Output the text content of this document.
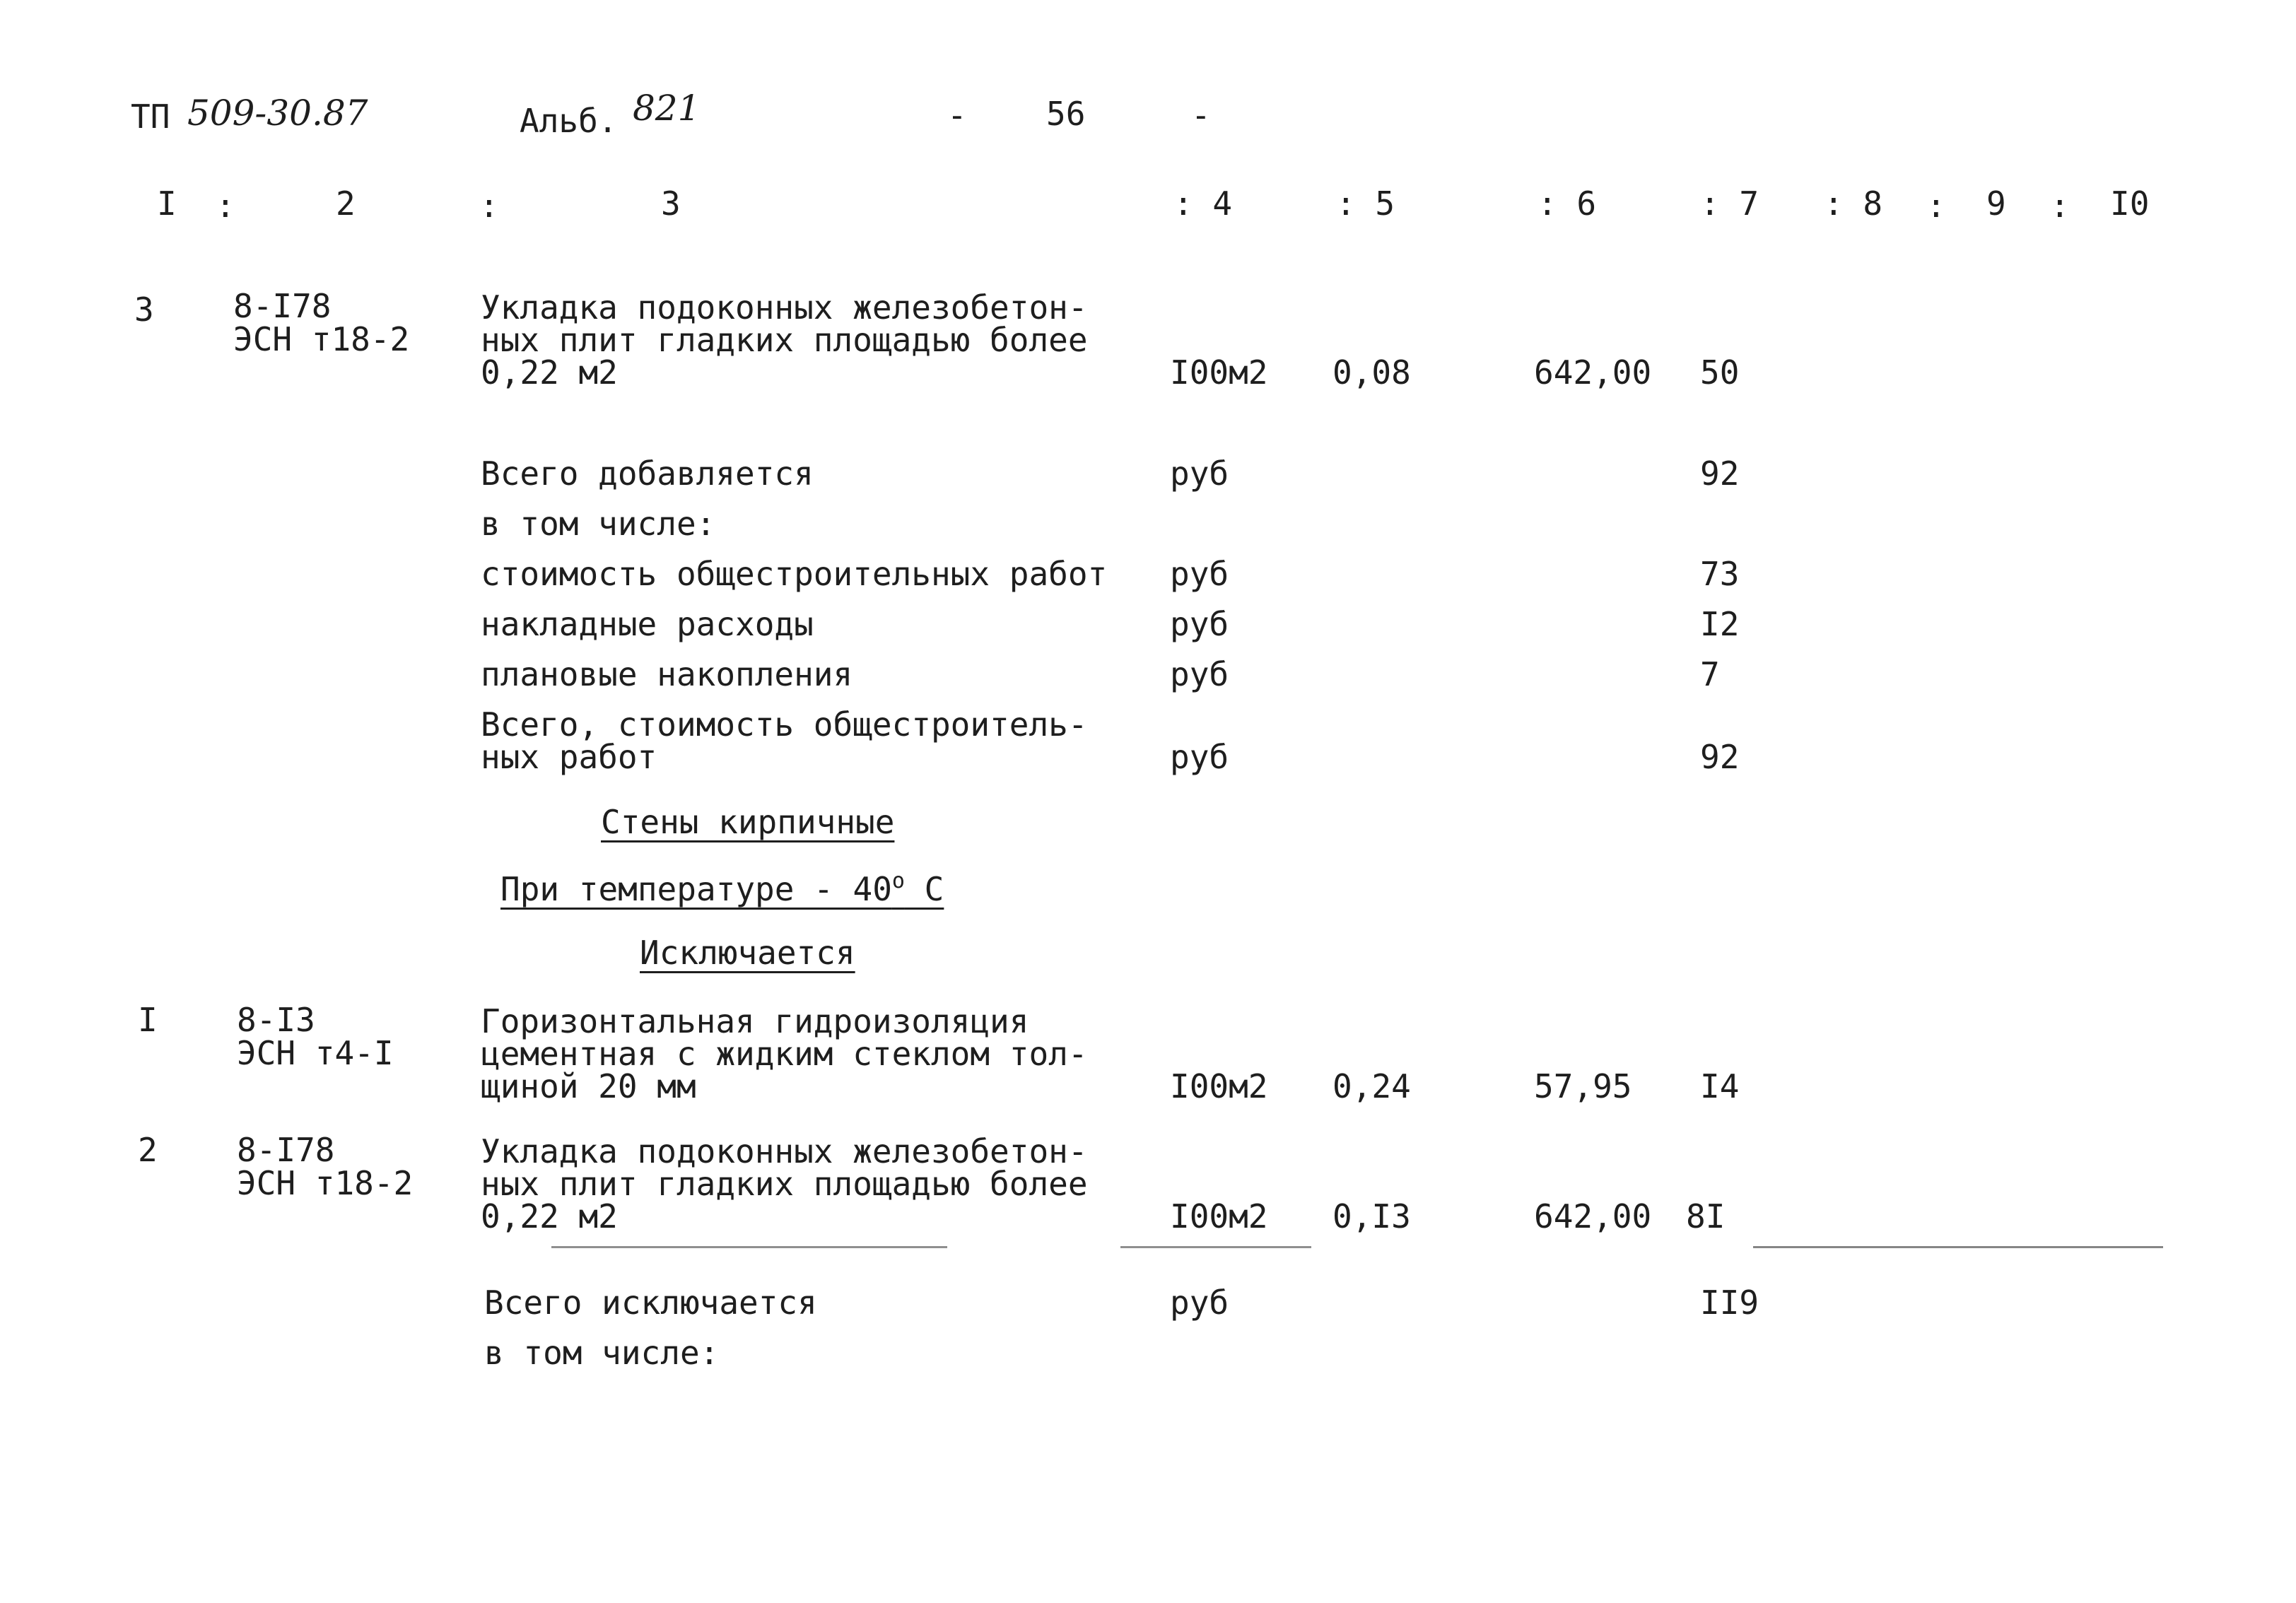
ТП 509-30.87	Альб. 821	- 56	-
I :	2	:	3	: 4	: 5	: 6	: 7 : 8 : 9 : I0
3 8-I78
ЭСН т18-2
Укладка подоконных железобетон-
ных плит гладких площадью более
0,22 м2	I00м2 0,08	642,00 50
Всего добавляется	руб	92
в том числе:
стоимость общестроительных работ руб	73
накладные расходы	руб	I2
плановые накопления	руб	7
Всего, стоимость общестроитель-
ных работ	руб	92
Стены кирпичные
При температуре - $40^о$ С
Исключается
I 8-I3
ЭСН т4-I
Горизонтальная гидроизоляция
цементная с жидким стеклом тол-
щиной 20 мм	I00м2 0,24	57,95 I4
2 8-I78
ЭСН т18-2
Укладка подоконных железобетон-
ных плит гладких площадью более
0,22 м2	I00м2 0,I3	642,00 8I
Всего исключается	руб	II9
в том числе:
